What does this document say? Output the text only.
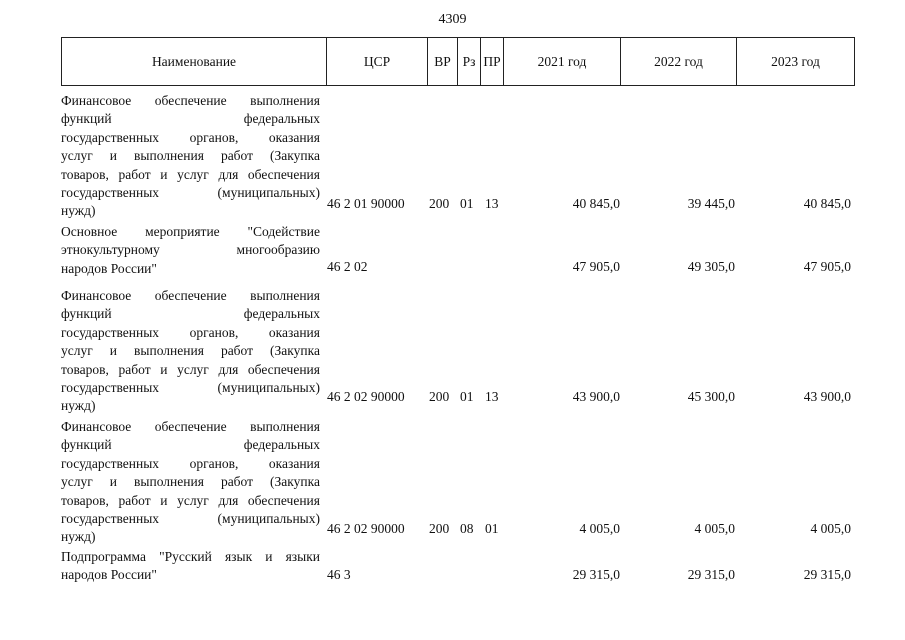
4309
Наименование	ЦСР	ВР	Рз	ПР	2021 год	2022 год	2023 год
Финансовое обеспечение выполнения
функций федеральных
государственных органов, оказания
услуг и выполнения работ (Закупка
товаров, работ и услуг для обеспечения
государственных (муниципальных)
нужд)	46 2 01 90000 200 01 13	40 845,0	39 445,0	40 845,0
Основное мероприятие "Содействие
этнокультурному многообразию
народов России"	46 2 02	47 905,0	49 305,0	47 905,0
Финансовое обеспечение выполнения
функций федеральных
государственных органов, оказания
услуг и выполнения работ (Закупка
товаров, работ и услуг для обеспечения
государственных (муниципальных)
нужд)
46 2 02 90000 200 01 13	43 900,0	45 300,0	43 900,0
Финансовое обеспечение выполнения
функций федеральных
государственных органов, оказания
услуг и выполнения работ (Закупка
товаров, работ и услуг для обеспечения
государственных (муниципальных)
нужд)
46 2 02 90000 200 08 01	4 005,0	4 005,0	4 005,0
Подпрограмма "Русский язык и языки
народов России"	46 3	29 315,0	29 315,0	29 315,0
